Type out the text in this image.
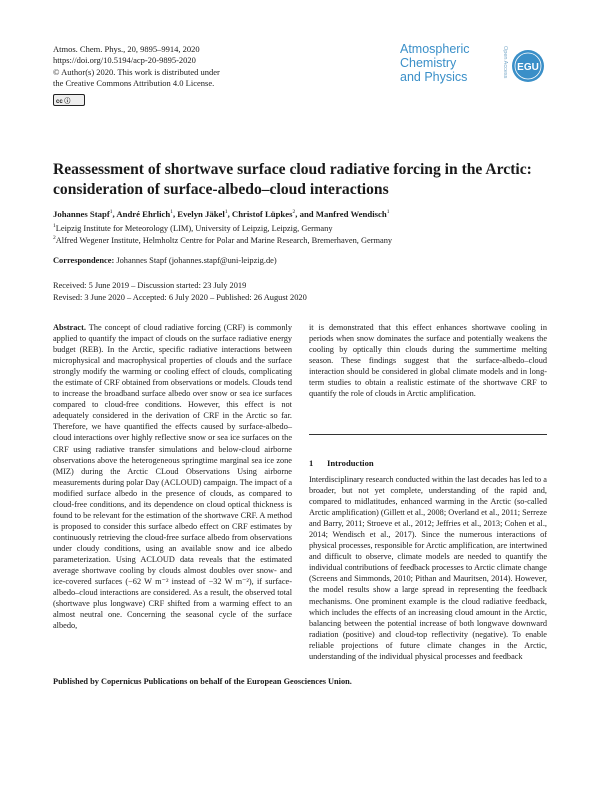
Atmos. Chem. Phys., 20, 9895–9914, 2020
https://doi.org/10.5194/acp-20-9895-2020
© Author(s) 2020. This work is distributed under
the Creative Commons Attribution 4.0 License.
cc ⓘ
Atmospheric
Chemistry
and Physics	Open Access EGU
Reassessment of shortwave surface cloud radiative forcing in the Arctic: consideration of surface-albedo–cloud interactions
Johannes Stapf$^1$, André Ehrlich$^1$, Evelyn Jäkel$^1$, Christof Lüpkes$^2$, and Manfred Wendisch$^1$
$^1$Leipzig Institute for Meteorology (LIM), University of Leipzig, Leipzig, Germany
$^2$Alfred Wegener Institute, Helmholtz Centre for Polar and Marine Research, Bremerhaven, Germany
Correspondence: Johannes Stapf (johannes.stapf@uni-leipzig.de)
Received: 5 June 2019 – Discussion started: 23 July 2019
Revised: 3 June 2020 – Accepted: 6 July 2020 – Published: 26 August 2020
Abstract. The concept of cloud radiative forcing (CRF) is commonly applied to quantify the impact of clouds on the surface radiative energy budget (REB). In the Arctic, specific radiative interactions between microphysical and macrophysical properties of clouds and the surface strongly modify the warming or cooling effect of clouds, complicating the estimate of CRF obtained from observations or models. Clouds tend to increase the broadband surface albedo over snow or sea ice surfaces compared to cloud-free conditions. However, this effect is not adequately considered in the derivation of CRF in the Arctic so far. Therefore, we have quantified the effects caused by surface-albedo–cloud interactions over highly reflective snow or sea ice surfaces on the CRF using radiative transfer simulations and below-cloud airborne observations above the heterogeneous springtime marginal sea ice zone (MIZ) during the Arctic CLoud Observations Using airborne measurements during polar Day (ACLOUD) campaign. The impact of a modified surface albedo in the presence of clouds, as compared to cloud-free conditions, and its dependence on cloud optical thickness is found to be relevant for the estimation of the shortwave CRF. A method is proposed to consider this surface albedo effect on CRF estimates by continuously retrieving the cloud-free surface albedo from observations under cloudy conditions, using an available snow and ice albedo parameterization. Using ACLOUD data reveals that the estimated average shortwave cooling by clouds almost doubles over snow- and ice-covered surfaces (−62 W m⁻² instead of −32 W m⁻²), if surface-albedo–cloud interactions are considered. As a result, the observed total (shortwave plus longwave) CRF shifted from a warming effect to an almost neutral one. Concerning the seasonal cycle of the surface albedo,
it is demonstrated that this effect enhances shortwave cooling in periods when snow dominates the surface and potentially weakens the cooling by optically thin clouds during the summertime melting season. These findings suggest that the surface-albedo–cloud interaction should be considered in global climate models and in long-term studies to obtain a realistic estimate of the shortwave CRF to quantify the role of clouds in Arctic amplification.
1 Introduction
Interdisciplinary research conducted within the last decades has led to a broader, but not yet complete, understanding of the rapid and, compared to midlatitudes, enhanced warming in the Arctic (so-called Arctic amplification) (Gillett et al., 2008; Overland et al., 2011; Serreze and Barry, 2011; Stroeve et al., 2012; Jeffries et al., 2013; Cohen et al., 2014; Wendisch et al., 2017). Since the numerous interactions of physical processes, responsible for Arctic amplification, are intertwined and difficult to observe, climate models are needed to quantify the individual contributions of feedback processes to Arctic climate change (Screens and Simmonds, 2010; Pithan and Mauritsen, 2014). However, the model results show a large spread in representing the feedback mechanisms. One prominent example is the cloud radiative feedback, which includes the effects of an increasing cloud amount in the Arctic, balancing between the potential increase of both longwave downward radiation (positive) and cloud-top reflectivity (negative). To enable reliable projections of future climate changes in the Arctic, understanding of the individual physical processes and feedback
Published by Copernicus Publications on behalf of the European Geosciences Union.
